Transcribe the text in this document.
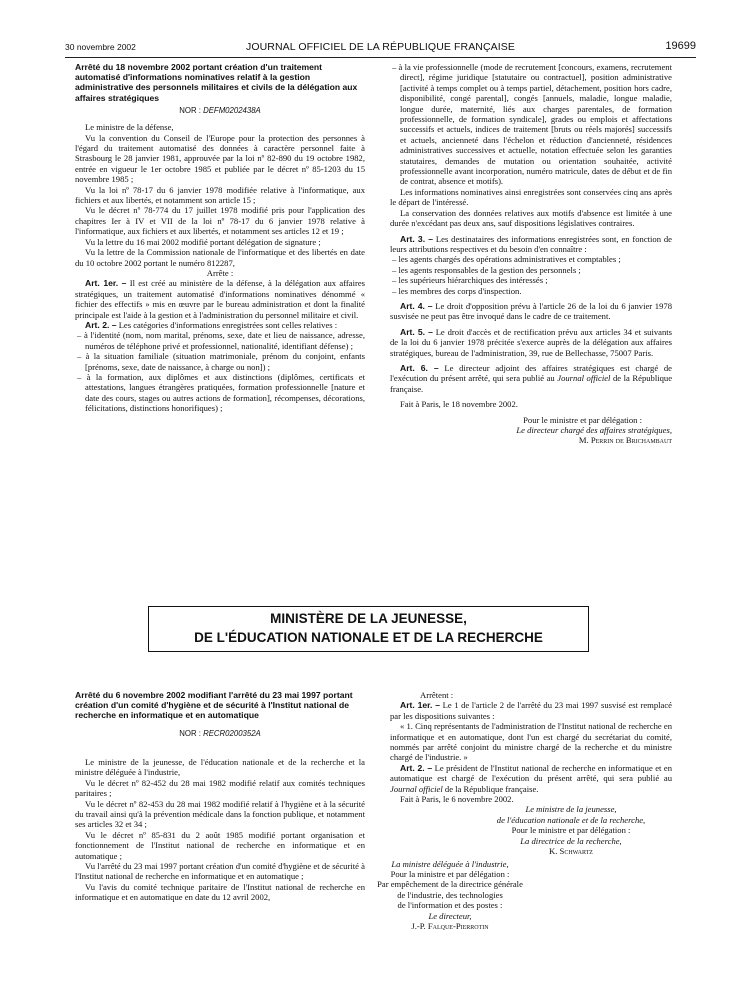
30 novembre 2002	JOURNAL OFFICIEL DE LA RÉPUBLIQUE FRANÇAISE	19699

Arrêté du 18 novembre 2002 portant création d'un traitement automatisé d'informations nominatives relatif à la gestion administrative des personnels militaires et civils de la délégation aux affaires stratégiques

NOR : DEFM0202438A

Le ministre de la défense,

Vu la convention du Conseil de l'Europe pour la protection des personnes à l'égard du traitement automatisé des données à caractère personnel faite à Strasbourg le 28 janvier 1981, approuvée par la loi nº 82-890 du 19 octobre 1982, entrée en vigueur le 1er octobre 1985 et publiée par le décret nº 85-1203 du 15 novembre 1985 ;

Vu la loi nº 78-17 du 6 janvier 1978 modifiée relative à l'informatique, aux fichiers et aux libertés, et notamment son article 15 ;

Vu le décret nº 78-774 du 17 juillet 1978 modifié pris pour l'application des chapitres Ier à IV et VII de la loi nº 78-17 du 6 janvier 1978 relative à l'informatique, aux fichiers et aux libertés, et notamment ses articles 12 et 19 ;

Vu la lettre du 16 mai 2002 modifié portant délégation de signature ;

Vu la lettre de la Commission nationale de l'informatique et des libertés en date du 10 octobre 2002 portant le numéro 812287,

Arrête :

Art. 1er. – Il est créé au ministère de la défense, à la délégation aux affaires stratégiques, un traitement automatisé d'informations nominatives dénommé « fichier des effectifs » mis en œuvre par le bureau administration et dont la finalité principale est l'aide à la gestion et à l'administration du personnel militaire et civil.

Art. 2. – Les catégories d'informations enregistrées sont celles relatives :

– à l'identité (nom, nom marital, prénoms, sexe, date et lieu de naissance, adresse, numéros de téléphone privé et professionnel, nationalité, identifiant défense) ;

– à la situation familiale (situation matrimoniale, prénom du conjoint, enfants [prénoms, sexe, date de naissance, à charge ou non]) ;

– à la formation, aux diplômes et aux distinctions (diplômes, certificats et attestations, langues étrangères pratiquées, formation professionnelle [nature et date des cours, stages ou autres actions de formation], récompenses, décorations, félicitations, distinctions honorifiques) ;

– à la vie professionnelle (mode de recrutement [concours, examens, recrutement direct], régime juridique [statutaire ou contractuel], position administrative [activité à temps complet ou à temps partiel, détachement, position hors cadre, disponibilité, congé parental], congés [annuels, maladie, longue maladie, longue durée, maternité, liés aux charges parentales, de formation professionnelle, de formation syndicale], grades ou emplois et affectations successifs et actuels, indices de traitement [bruts ou réels majorés] successifs et actuels, ancienneté dans l'échelon et réduction d'ancienneté, résidences administratives successives et actuelle, notation effectuée selon les garanties statutaires, demandes de mutation ou orientation souhaitée, activité professionnelle avant incorporation, numéro matricule, dates de début et de fin de contrat, absence et motifs).

Les informations nominatives ainsi enregistrées sont conservées cinq ans après le départ de l'intéressé.

La conservation des données relatives aux motifs d'absence est limitée à une durée n'excédant pas deux ans, sauf dispositions législatives contraires.

Art. 3. – Les destinataires des informations enregistrées sont, en fonction de leurs attributions respectives et du besoin d'en connaître :

– les agents chargés des opérations administratives et comptables ;

– les agents responsables de la gestion des personnels ;

– les supérieurs hiérarchiques des intéressés ;

– les membres des corps d'inspection.

Art. 4. – Le droit d'opposition prévu à l'article 26 de la loi du 6 janvier 1978 susvisée ne peut pas être invoqué dans le cadre de ce traitement.

Art. 5. – Le droit d'accès et de rectification prévu aux articles 34 et suivants de la loi du 6 janvier 1978 précitée s'exerce auprès de la délégation aux affaires stratégiques, bureau de l'administration, 39, rue de Bellechasse, 75007 Paris.

Art. 6. – Le directeur adjoint des affaires stratégiques est chargé de l'exécution du présent arrêté, qui sera publié au Journal officiel de la République française.

Fait à Paris, le 18 novembre 2002.

Pour le ministre et par délégation :

Le directeur chargé des affaires stratégiques,

M. Perrin de Brichambaut

MINISTÈRE DE LA JEUNESSE,
DE L'ÉDUCATION NATIONALE ET DE LA RECHERCHE

Arrêté du 6 novembre 2002 modifiant l'arrêté du 23 mai 1997 portant création d'un comité d'hygiène et de sécurité à l'Institut national de recherche en informatique et en automatique

NOR : RECR0200352A

Le ministre de la jeunesse, de l'éducation nationale et de la recherche et la ministre déléguée à l'industrie,

Vu le décret nº 82-452 du 28 mai 1982 modifié relatif aux comités techniques paritaires ;

Vu le décret nº 82-453 du 28 mai 1982 modifié relatif à l'hygiène et à la sécurité du travail ainsi qu'à la prévention médicale dans la fonction publique, et notamment ses articles 32 et 34 ;

Vu le décret nº 85-831 du 2 août 1985 modifié portant organisation et fonctionnement de l'Institut national de recherche en informatique et en automatique ;

Vu l'arrêté du 23 mai 1997 portant création d'un comité d'hygiène et de sécurité à l'Institut national de recherche en informatique et en automatique ;

Vu l'avis du comité technique paritaire de l'Institut national de recherche en informatique et en automatique en date du 12 avril 2002,

Arrêtent :

Art. 1er. – Le 1 de l'article 2 de l'arrêté du 23 mai 1997 susvisé est remplacé par les dispositions suivantes :

« 1. Cinq représentants de l'administration de l'Institut national de recherche en informatique et en automatique, dont l'un est chargé du secrétariat du comité, nommés par arrêté conjoint du ministre chargé de la recherche et du ministre chargé de l'industrie. »

Art. 2. – Le président de l'Institut national de recherche en informatique et en automatique est chargé de l'exécution du présent arrêté, qui sera publié au Journal officiel de la République française.

Fait à Paris, le 6 novembre 2002.

Le ministre de la jeunesse,

de l'éducation nationale et de la recherche,

Pour le ministre et par délégation :

La directrice de la recherche,

K. Schwartz

La ministre déléguée à l'industrie,

Pour la ministre et par délégation :

Par empêchement de la directrice générale

de l'industrie, des technologies

de l'information et des postes :

Le directeur,

J.-P. Falque-Pierrotin
